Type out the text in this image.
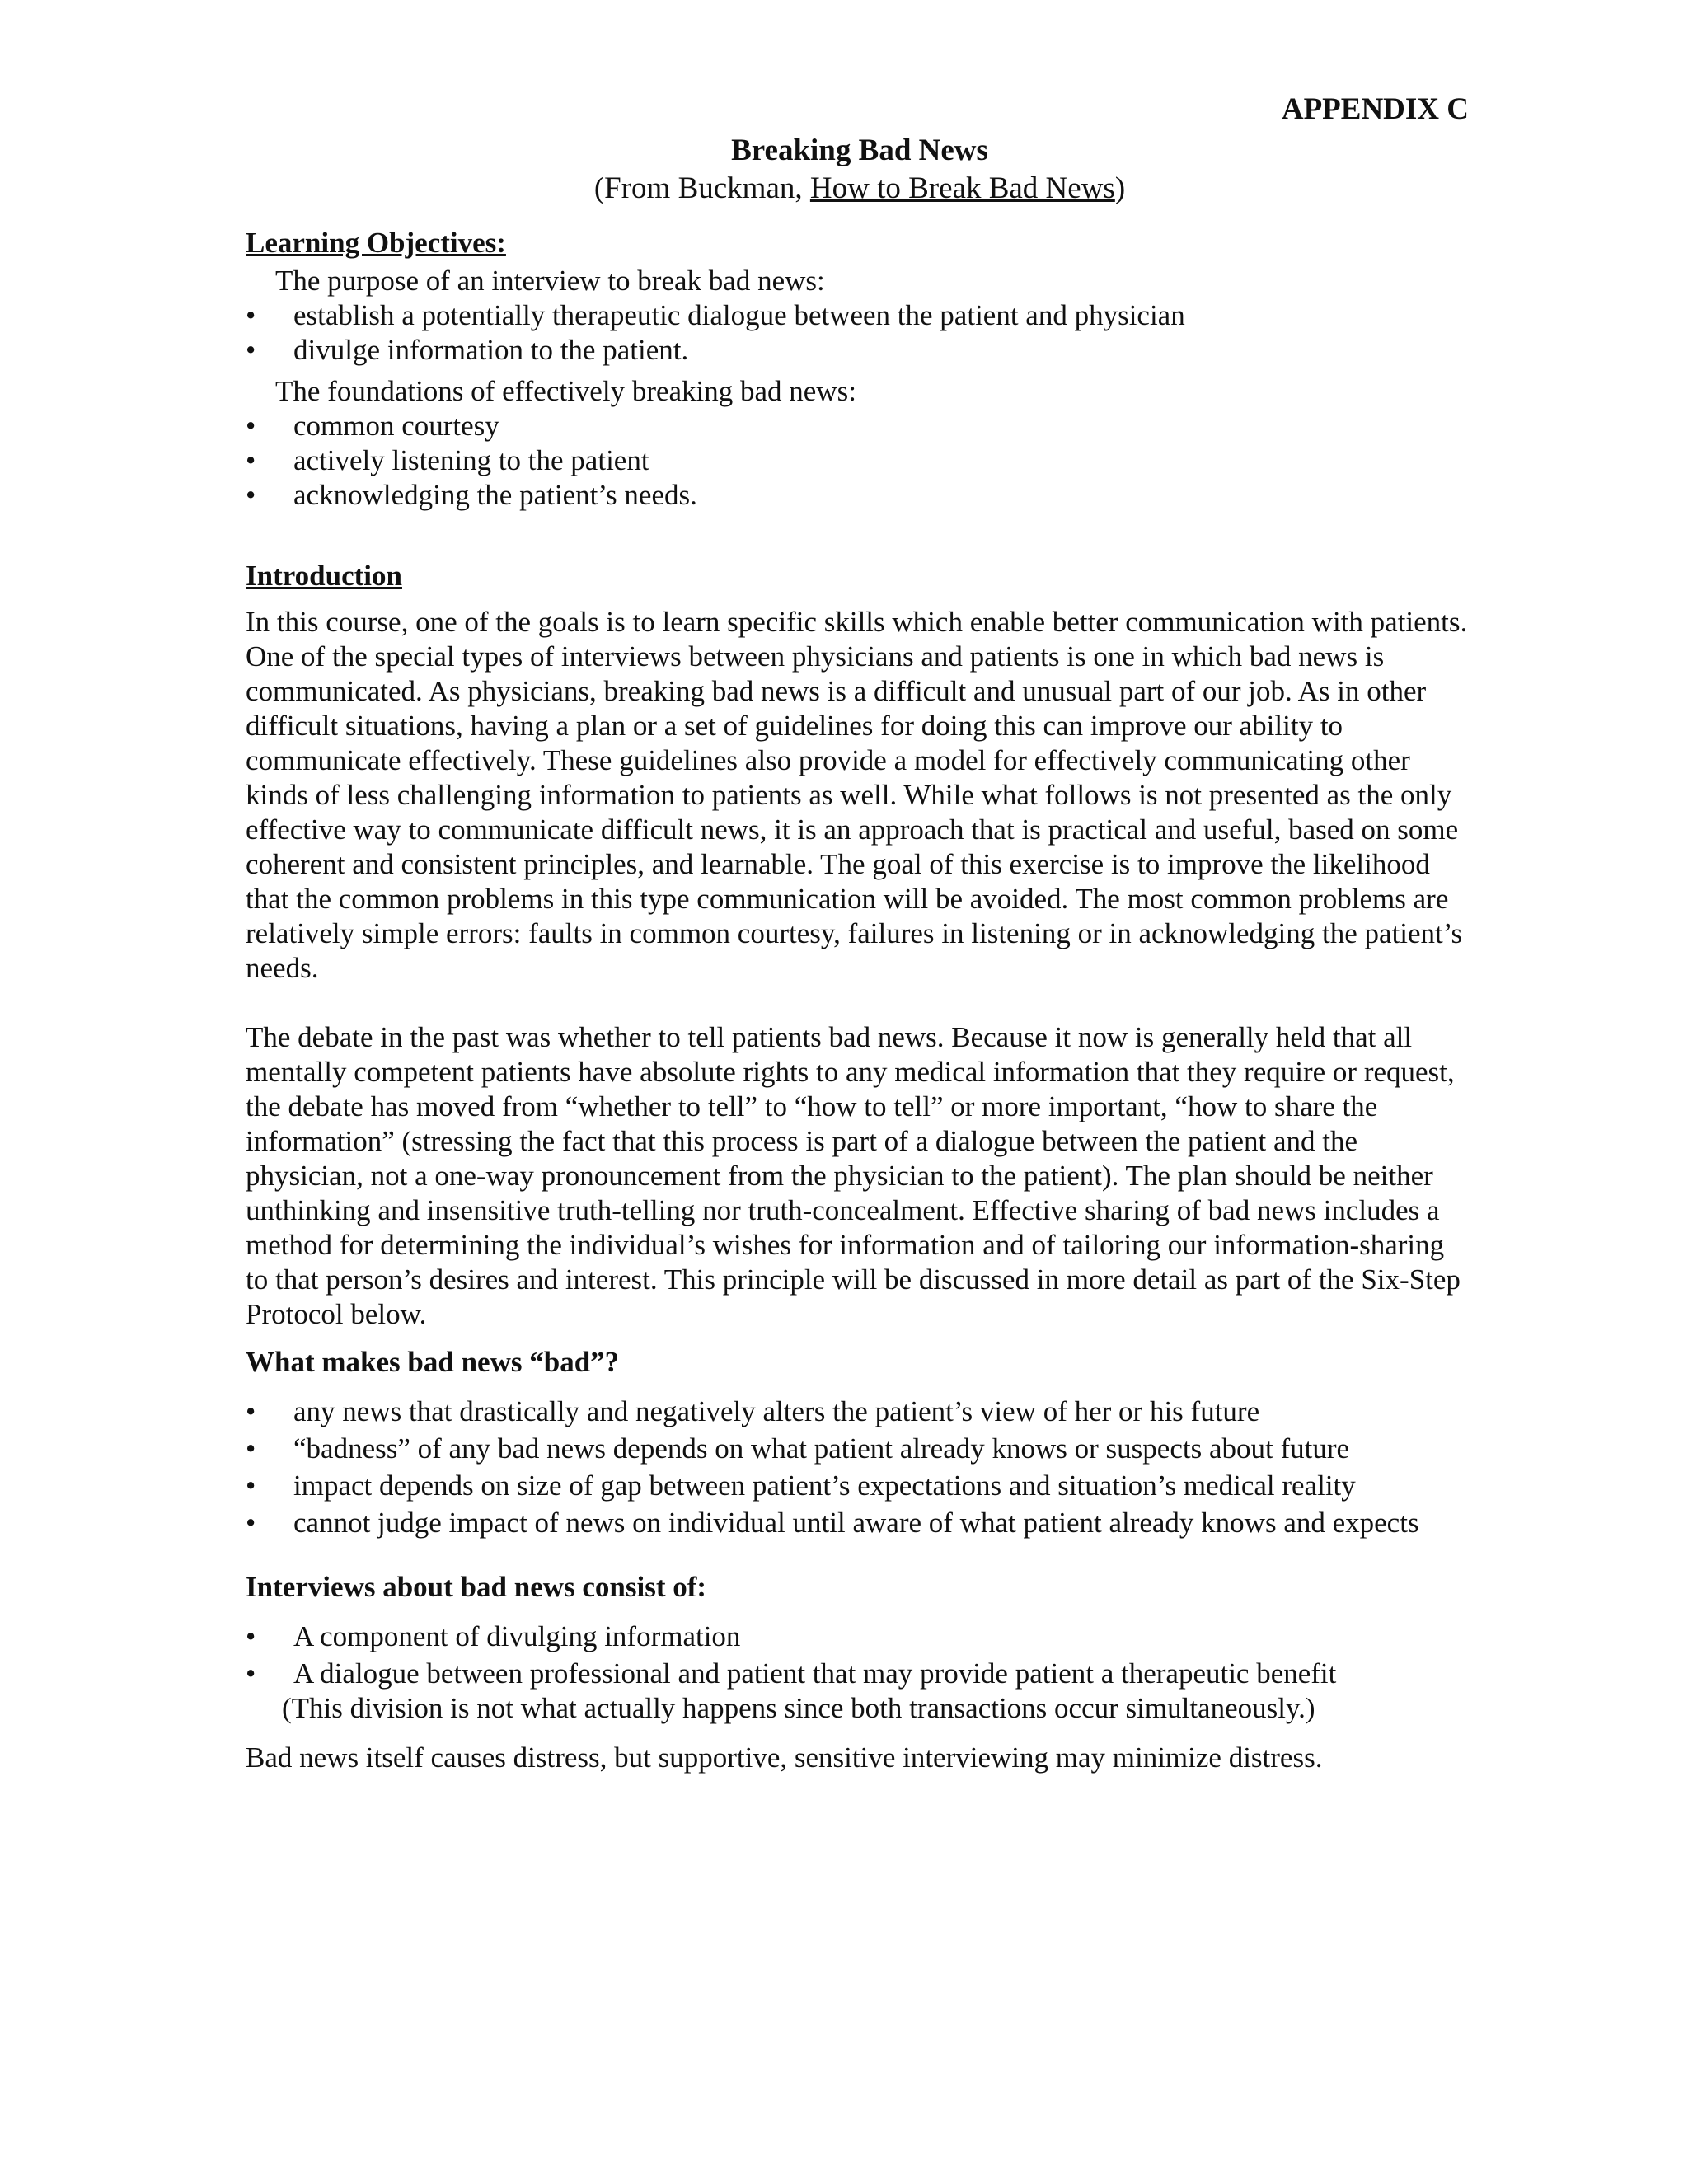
APPENDIX C
Breaking Bad News
(From Buckman, How to Break Bad News)
Learning Objectives:
The purpose of an interview to break bad news:
•	establish a potentially therapeutic dialogue between the patient and physician
•	divulge information to the patient.
The foundations of effectively breaking bad news:
•	common courtesy
•	actively listening to the patient
•	acknowledging the patient’s needs.
Introduction

In this course, one of the goals is to learn specific skills which enable better communication with patients. One of the special types of interviews between physicians and patients is one in which bad news is communicated. As physicians, breaking bad news is a difficult and unusual part of our job. As in other difficult situations, having a plan or a set of guidelines for doing this can improve our ability to communicate effectively. These guidelines also provide a model for effectively communicating other kinds of less challenging information to patients as well. While what follows is not presented as the only effective way to communicate difficult news, it is an approach that is practical and useful, based on some coherent and consistent principles, and learnable. The goal of this exercise is to improve the likelihood that the common problems in this type communication will be avoided. The most common problems are relatively simple errors: faults in common courtesy, failures in listening or in acknowledging the patient’s needs.

The debate in the past was whether to tell patients bad news. Because it now is generally held that all mentally competent patients have absolute rights to any medical information that they require or request, the debate has moved from “whether to tell” to “how to tell” or more important, “how to share the information” (stressing the fact that this process is part of a dialogue between the patient and the physician, not a one-way pronouncement from the physician to the patient). The plan should be neither unthinking and insensitive truth-telling nor truth-concealment. Effective sharing of bad news includes a method for determining the individual’s wishes for information and of tailoring our information-sharing to that person’s desires and interest. This principle will be discussed in more detail as part of the Six-Step Protocol below.

What makes bad news “bad”?
•	any news that drastically and negatively alters the patient’s view of her or his future
•	“badness” of any bad news depends on what patient already knows or suspects about future
•	impact depends on size of gap between patient’s expectations and situation’s medical reality
•	cannot judge impact of news on individual until aware of what patient already knows and expects
Interviews about bad news consist of:
•	A component of divulging information
•	A dialogue between professional and patient that may provide patient a therapeutic benefit
(This division is not what actually happens since both transactions occur simultaneously.)

Bad news itself causes distress, but supportive, sensitive interviewing may minimize distress.
